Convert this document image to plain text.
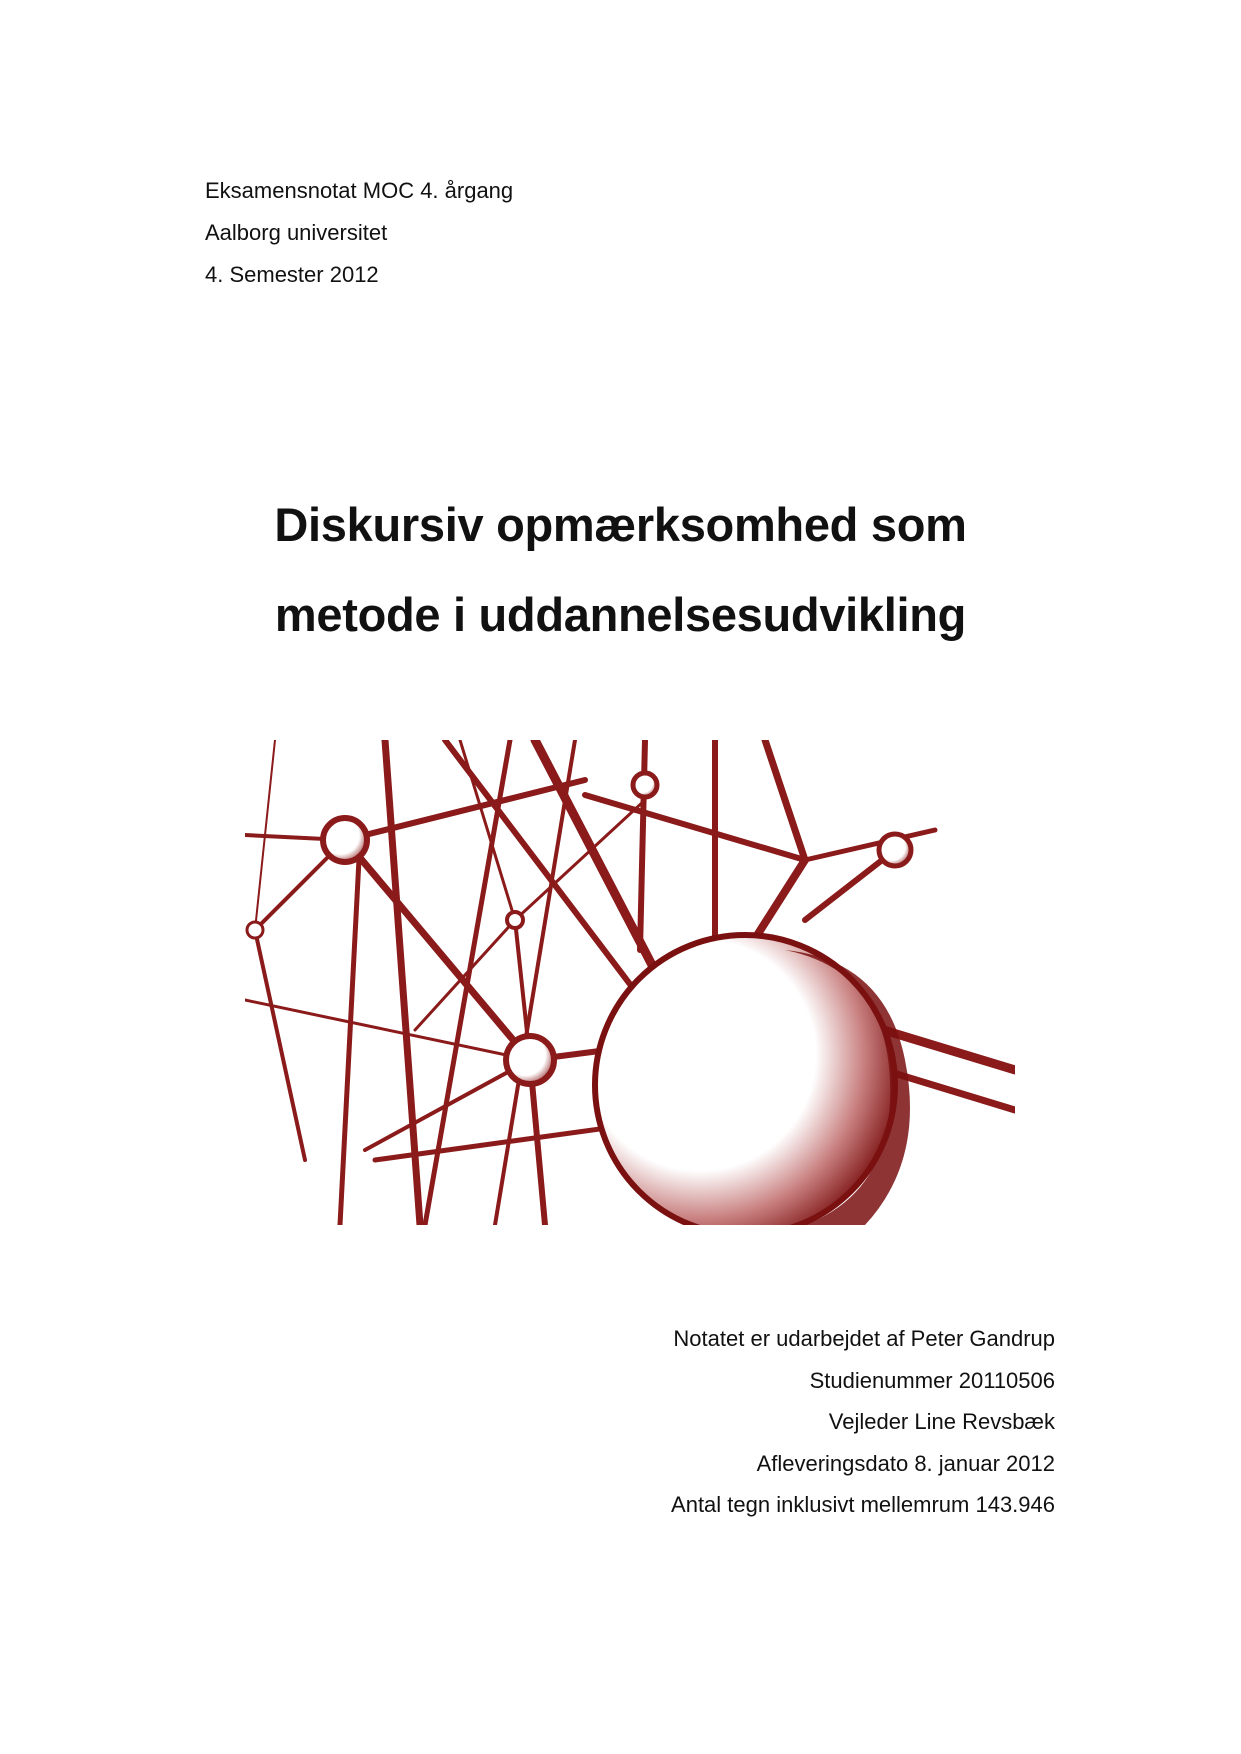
Eksamensnotat MOC 4. årgang
Aalborg universitet
4. Semester 2012
Diskursiv opmærksomhed som
metode i uddannelsesudvikling
Notatet er udarbejdet af Peter Gandrup
Studienummer 20110506
Vejleder Line Revsbæk
Afleveringsdato 8. januar 2012
Antal tegn inklusivt mellemrum 143.946
